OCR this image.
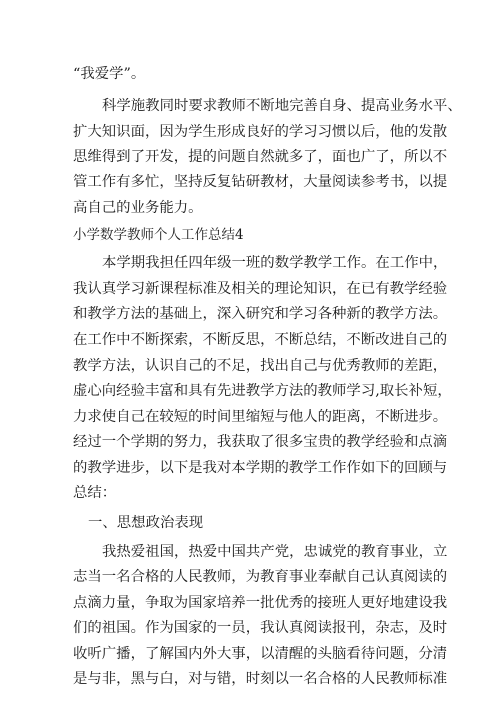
“我爱学”。
科学施教同时要求教师不断地完善自身、提高业务水平、
扩大知识面，因为学生形成良好的学习习惯以后，他的发散
思维得到了开发，提的问题自然就多了，面也广了，所以不
管工作有多忙，坚持反复钻研教材，大量阅读参考书，以提
高自己的业务能力。
小学数学教师个人工作总结4
本学期我担任四年级一班的数学教学工作。在工作中，
我认真学习新课程标准及相关的理论知识，在已有教学经验
和教学方法的基础上，深入研究和学习各种新的教学方法。
在工作中不断探索，不断反思，不断总结，不断改进自己的
教学方法，认识自己的不足，找出自己与优秀教师的差距，
虚心向经验丰富和具有先进教学方法的教师学习,取长补短，
力求使自己在较短的时间里缩短与他人的距离，不断进步。
经过一个学期的努力，我获取了很多宝贵的教学经验和点滴
的教学进步，以下是我对本学期的教学工作作如下的回顾与
总结：
一、思想政治表现
我热爱祖国，热爱中国共产党，忠诚党的教育事业，立
志当一名合格的人民教师，为教育事业奉献自己认真阅读的
点滴力量，争取为国家培养一批优秀的接班人更好地建设我
们的祖国。作为国家的一员，我认真阅读报刊，杂志，及时
收听广播，了解国内外大事，以清醒的头脑看待问题，分清
是与非，黑与白，对与错，时刻以一名合格的人民教师标准
